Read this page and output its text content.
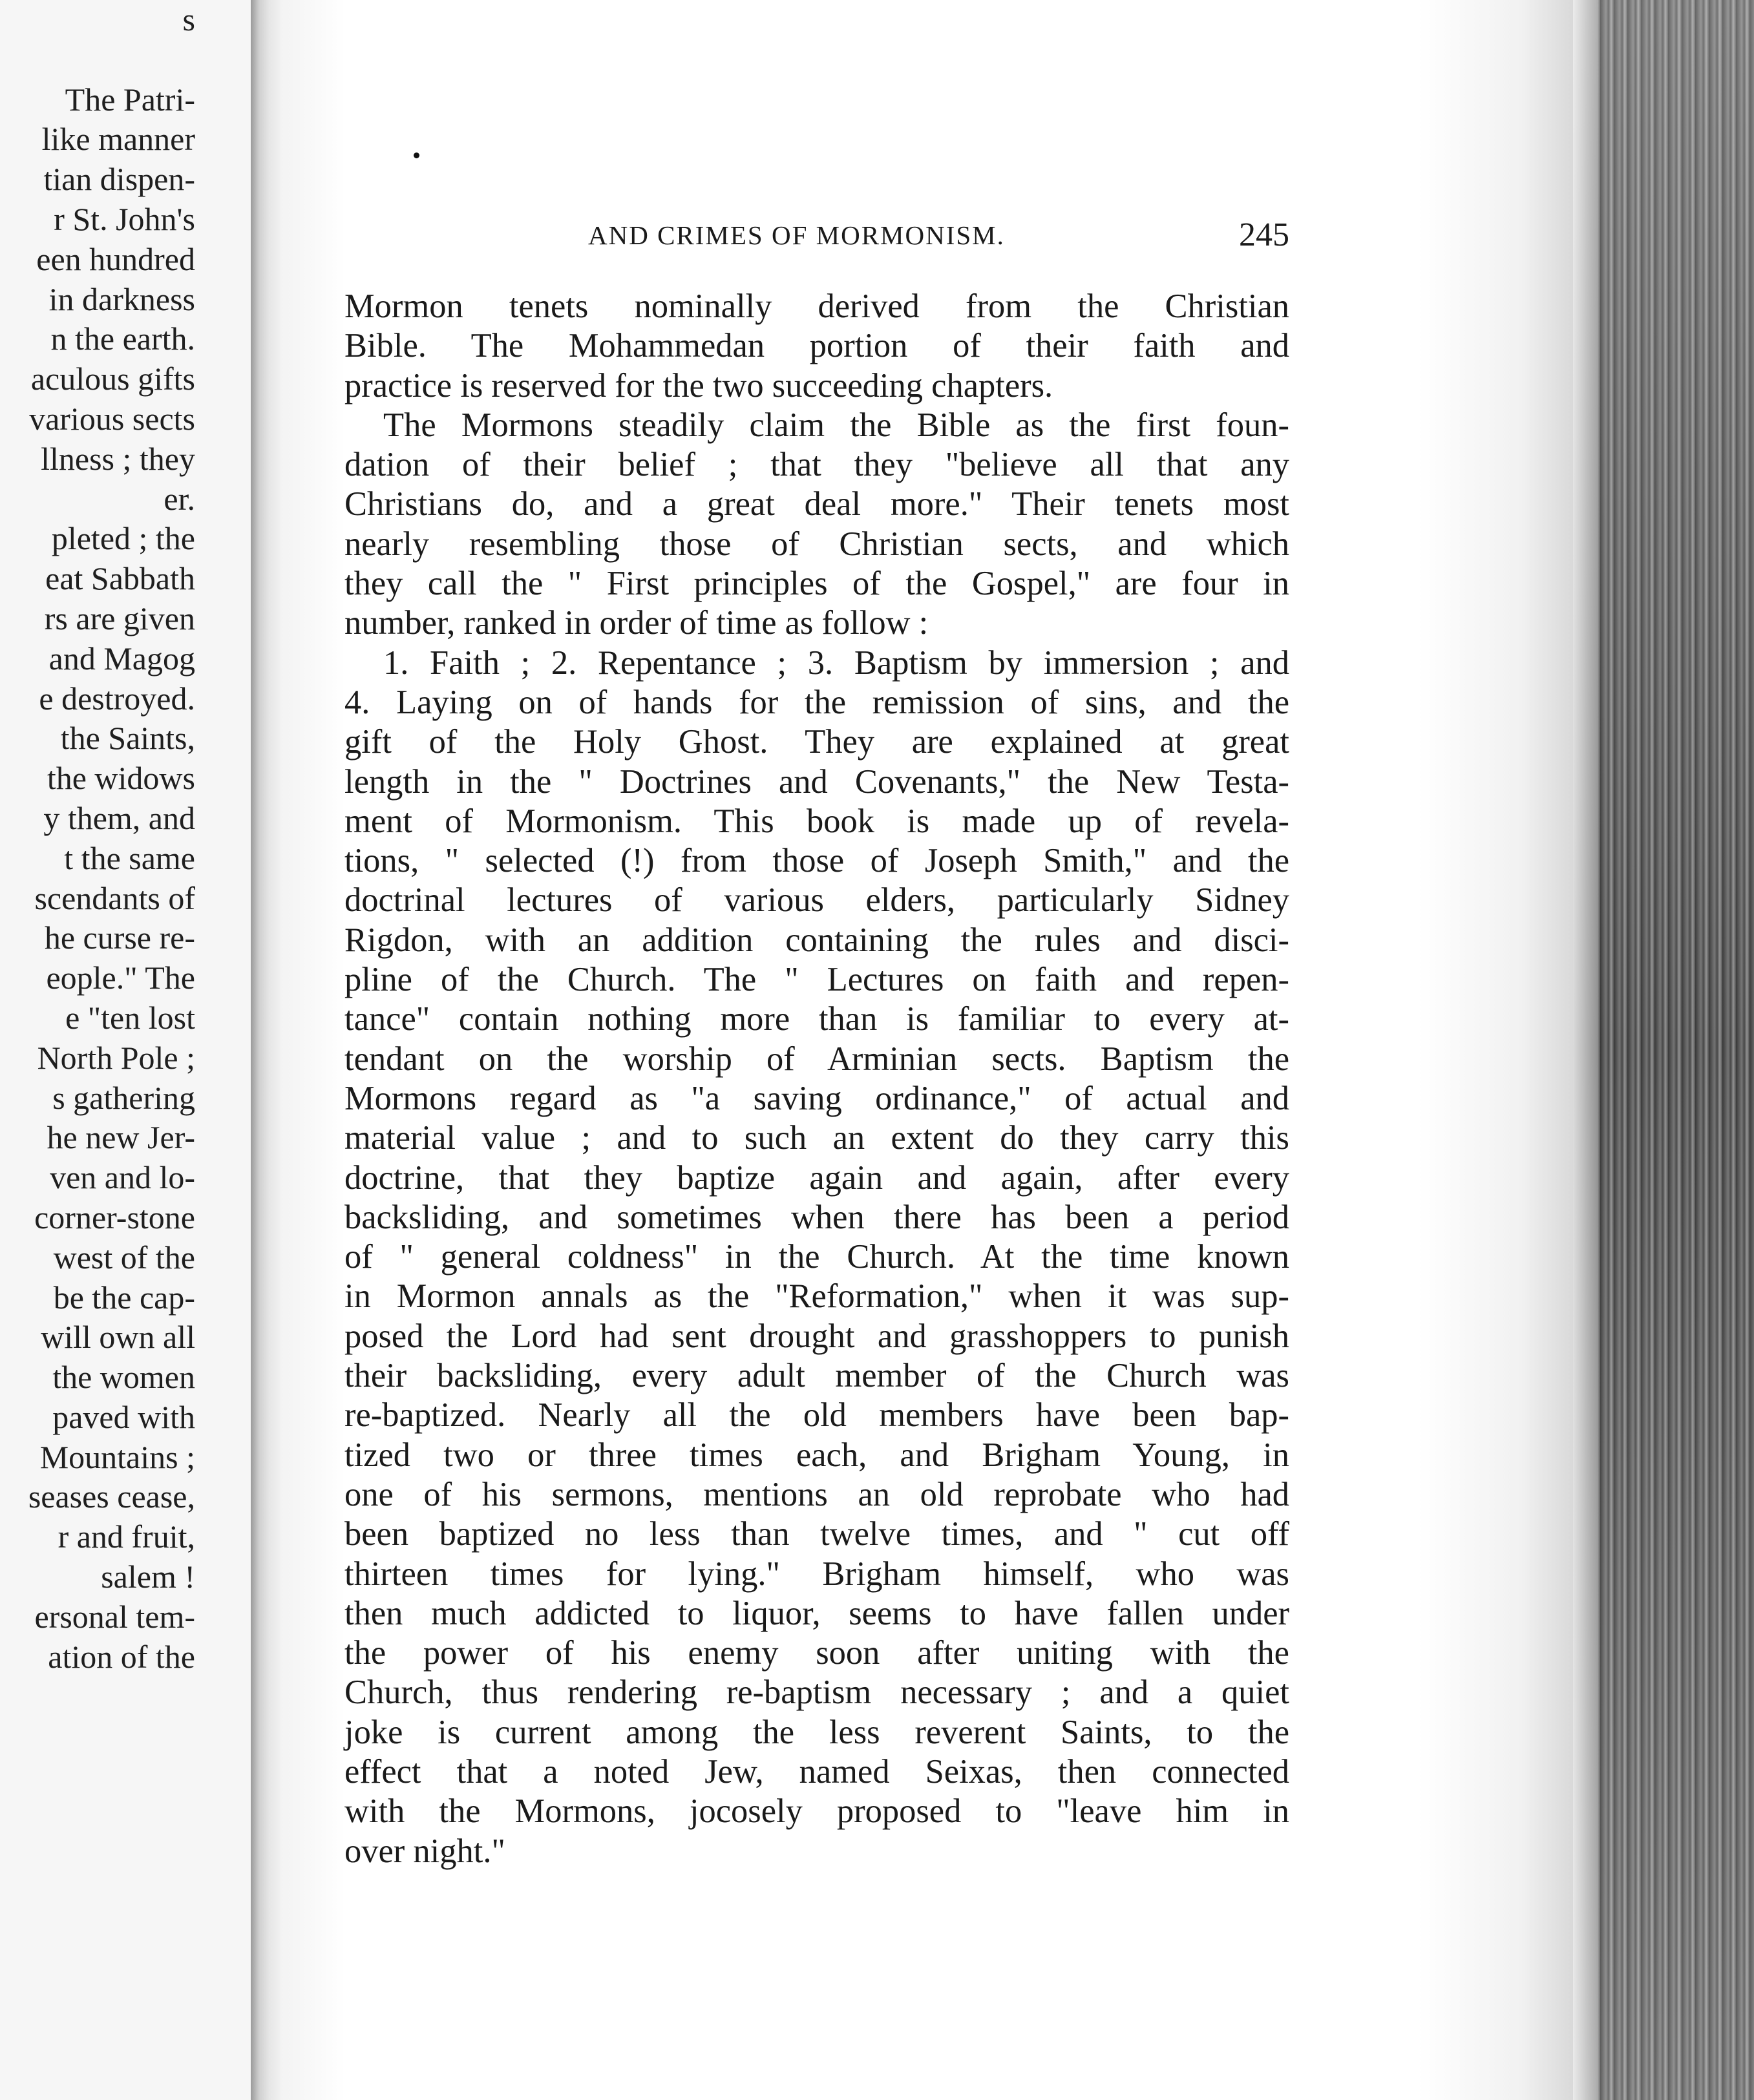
s
The Patri-
like manner
tian dispen-
r St. John's
een hundred
in darkness
n the earth.
aculous gifts
various sects
llness ; they
er.
pleted ; the
eat Sabbath
rs are given
and Magog
e destroyed.
the Saints,
the widows
y them, and
t the same
scendants of
he curse re-
eople." The
e "ten lost
North Pole ;
s gathering
he new Jer-
ven and lo-
corner-stone
west of the
be the cap-
will own all
the women
paved with
Mountains ;
seases cease,
r and fruit,
salem !
ersonal tem-
ation of the
AND CRIMES OF MORMONISM.	245
Mormon tenets nominally derived from the Christian
Bible. The Mohammedan portion of their faith and
practice is reserved for the two succeeding chapters.
The Mormons steadily claim the Bible as the first foun-
dation of their belief ; that they "believe all that any
Christians do, and a great deal more." Their tenets most
nearly resembling those of Christian sects, and which
they call the " First principles of the Gospel," are four in
number, ranked in order of time as follow :
1. Faith ; 2. Repentance ; 3. Baptism by immersion ; and
4. Laying on of hands for the remission of sins, and the
gift of the Holy Ghost. They are explained at great
length in the " Doctrines and Covenants," the New Testa-
ment of Mormonism. This book is made up of revela-
tions, " selected (!) from those of Joseph Smith," and the
doctrinal lectures of various elders, particularly Sidney
Rigdon, with an addition containing the rules and disci-
pline of the Church. The " Lectures on faith and repen-
tance" contain nothing more than is familiar to every at-
tendant on the worship of Arminian sects. Baptism the
Mormons regard as "a saving ordinance," of actual and
material value ; and to such an extent do they carry this
doctrine, that they baptize again and again, after every
backsliding, and sometimes when there has been a period
of " general coldness" in the Church. At the time known
in Mormon annals as the "Reformation," when it was sup-
posed the Lord had sent drought and grasshoppers to punish
their backsliding, every adult member of the Church was
re-baptized. Nearly all the old members have been bap-
tized two or three times each, and Brigham Young, in
one of his sermons, mentions an old reprobate who had
been baptized no less than twelve times, and " cut off
thirteen times for lying." Brigham himself, who was
then much addicted to liquor, seems to have fallen under
the power of his enemy soon after uniting with the
Church, thus rendering re-baptism necessary ; and a quiet
joke is current among the less reverent Saints, to the
effect that a noted Jew, named Seixas, then connected
with the Mormons, jocosely proposed to "leave him in
over night."
